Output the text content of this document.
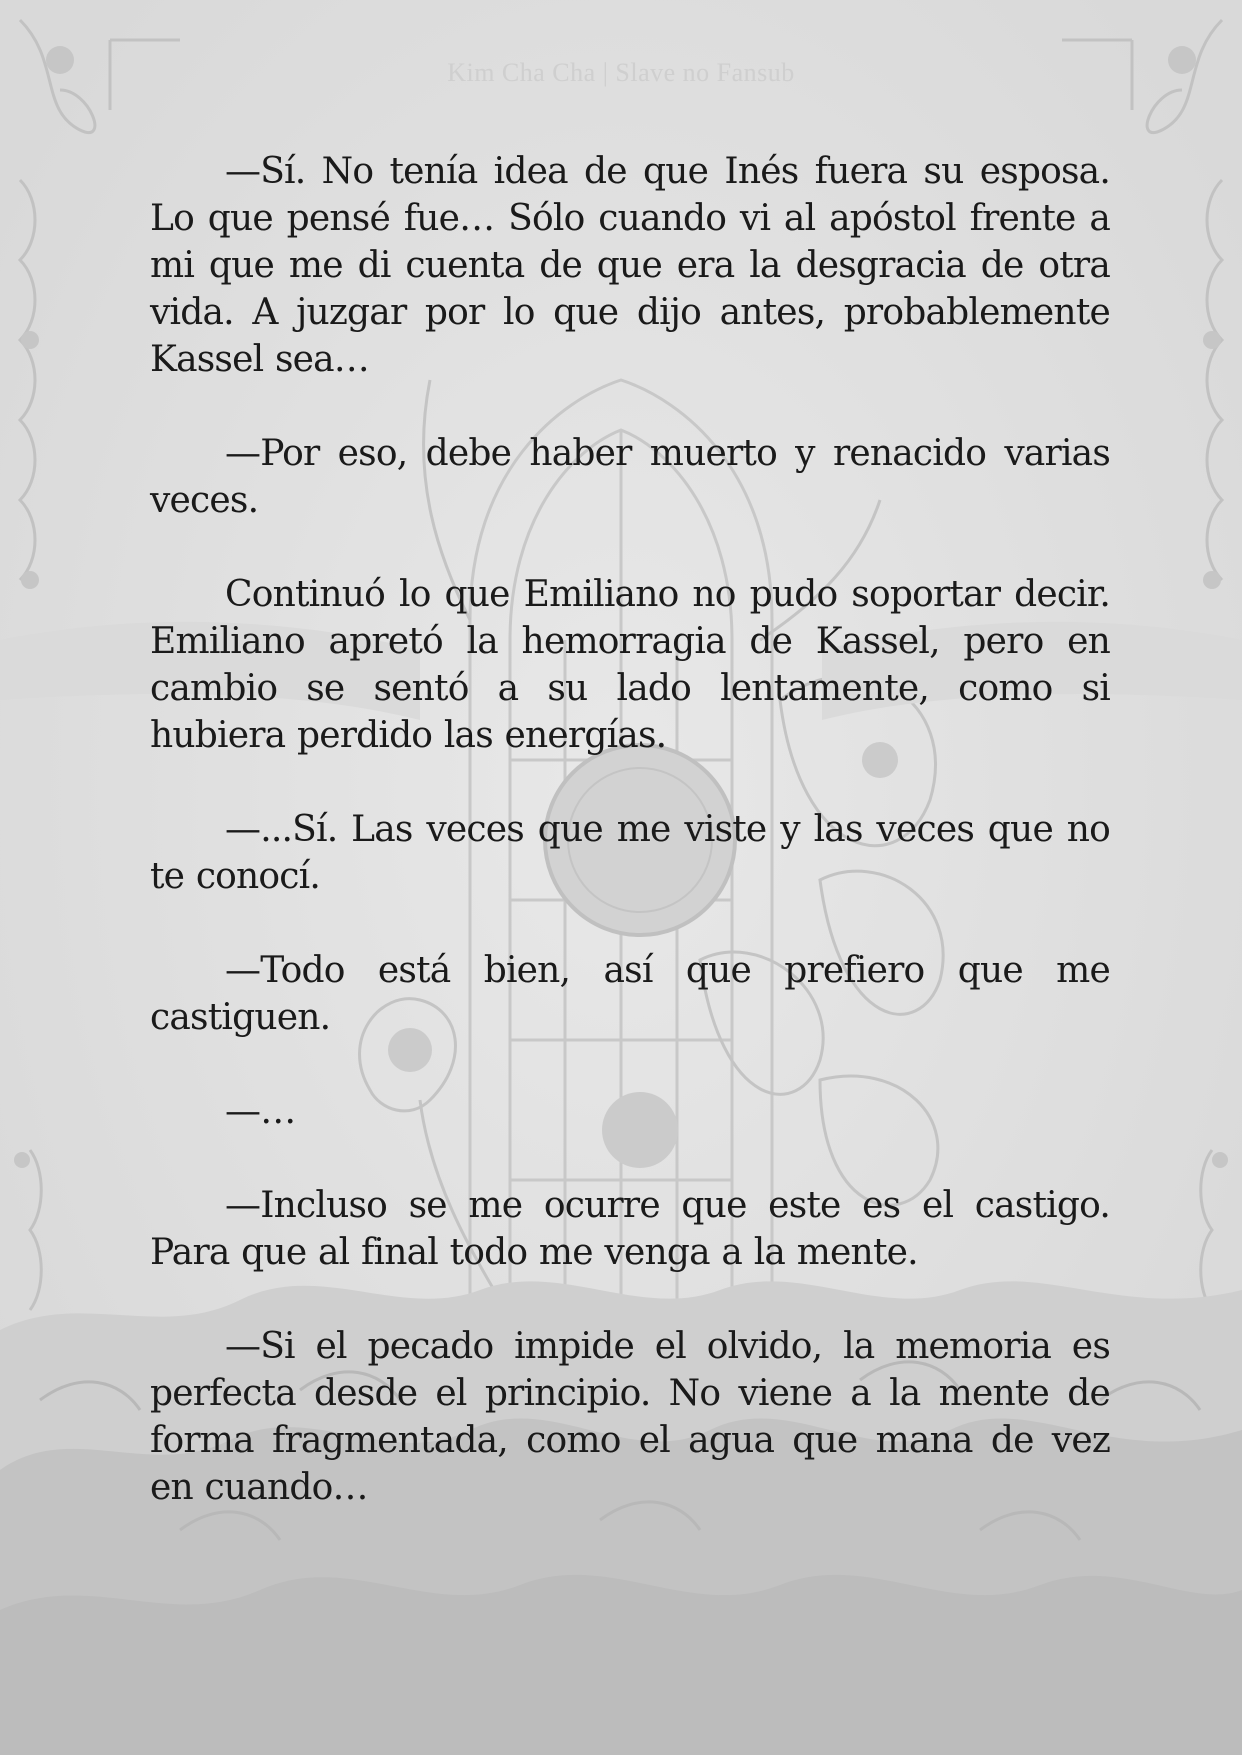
Kim Cha Cha | Slave no Fansub

—Sí. No tenía idea de que Inés fuera su esposa. Lo que pensé fue… Sólo cuando vi al apóstol frente a mi que me di cuenta de que era la desgracia de otra vida. A juzgar por lo que dijo antes, probablemente Kassel sea…

—Por eso, debe haber muerto y renacido varias veces.

Continuó lo que Emiliano no pudo soportar decir. Emiliano apretó la hemorragia de Kassel, pero en cambio se sentó a su lado lentamente, como si hubiera perdido las energías.

—...Sí. Las veces que me viste y las veces que no te conocí.

—Todo está bien, así que prefiero que me castiguen.

—…

—Incluso se me ocurre que este es el castigo. Para que al final todo me venga a la mente.

—Si el pecado impide el olvido, la memoria es perfecta desde el principio. No viene a la mente de forma fragmentada, como el agua que mana de vez en cuando…
